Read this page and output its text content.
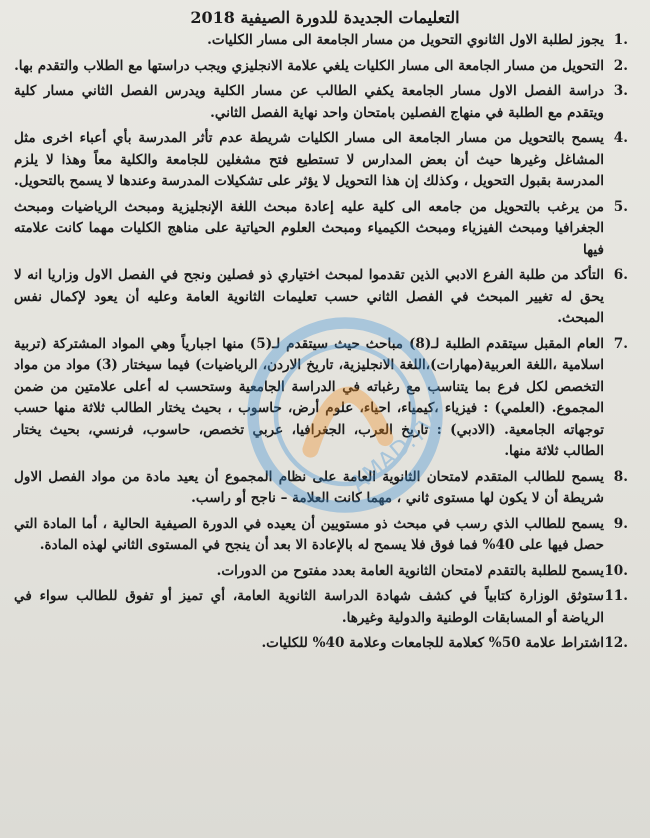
التعليمات الجديدة للدورة الصيفية 2018
1.
يجوز لطلبة الاول الثانوي التحويل من مسار الجامعة الى مسار الكليات.
2.
التحويل من مسار الجامعة الى مسار الكليات يلغي علامة الانجليزي ويجب دراستها مع الطلاب والتقدم بها.
3.
دراسة الفصل الاول مسار الجامعة يكفي الطالب عن مسار الكلية ويدرس الفصل الثاني مسار كلية ويتقدم مع الطلبة في منهاج الفصلين بامتحان واحد نهاية الفصل الثاني.
4.
يسمح بالتحويل من مسار الجامعة الى مسار الكليات شريطة عدم تأثر المدرسة بأي أعباء اخرى مثل المشاغل وغيرها حيث أن بعض المدارس لا تستطيع فتح مشغلين للجامعة والكلية معاً وهذا لا يلزم المدرسة بقبول التحويل ، وكذلك إن هذا التحويل لا يؤثر على تشكيلات المدرسة وعندها لا يسمح بالتحويل.
5.
من يرغب بالتحويل من جامعه الى كلية عليه إعادة مبحث اللغة الإنجليزية ومبحث الرياضيات ومبحث الجغرافيا ومبحث الفيزياء ومبحث الكيمياء ومبحث العلوم الحياتية على مناهج الكليات مهما كانت علامته فيها
6.
التأكد من طلبة الفرع الادبي الذين تقدموا لمبحث اختياري ذو فصلين ونجح في الفصل الاول وزاريا انه لا يحق له تغيير المبحث في الفصل الثاني حسب تعليمات الثانوية العامة وعليه أن يعود لإكمال نفس المبحث.
7.
العام المقبل سيتقدم الطلبة لـ(8) مباحث حيث سيتقدم لـ(5) منها اجبارياً وهي المواد المشتركة (تربية اسلامية ،اللغة العربية(مهارات)،اللغة الانجليزية، تاريخ الاردن، الرياضيات) فيما سيختار (3) مواد من مواد التخصص لكل فرع بما يتناسب مع رغباته في الدراسة الجامعية وستحسب له أعلى علامتين من ضمن المجموع. (العلمي) : فيزياء ،كيمياء، احياء، علوم أرض، حاسوب ، بحيث يختار الطالب ثلاثة منها حسب توجهاته الجامعية. (الادبي) : تاريخ العرب، الجغرافيا، عربي تخصص، حاسوب، فرنسي، بحيث يختار الطالب ثلاثة منها.
8.
يسمح للطالب المتقدم لامتحان الثانوية العامة على نظام المجموع أن يعيد مادة من مواد الفصل الاول شريطة أن لا يكون لها مستوى ثاني ، مهما كانت العلامة – ناجح أو راسب.
9.
يسمح للطالب الذي رسب في مبحث ذو مستويين أن يعيده في الدورة الصيفية الحالية ، أما المادة التي حصل فيها على 40% فما فوق فلا يسمح له بالإعادة الا بعد أن ينجح في المستوى الثاني لهذه المادة.
10.
يسمح للطلبة بالتقدم لامتحان الثانوية العامة بعدد مفتوح من الدورات.
11.
ستوثق الوزارة كتابياً في كشف شهادة الدراسة الثانوية العامة، أي تميز أو تفوق للطالب سواء في الرياضة أو المسابقات الوطنية والدولية وغيرها.
12.
اشتراط علامة 50% كعلامة للجامعات وعلامة 40% للكليات.
AMAD.TV
